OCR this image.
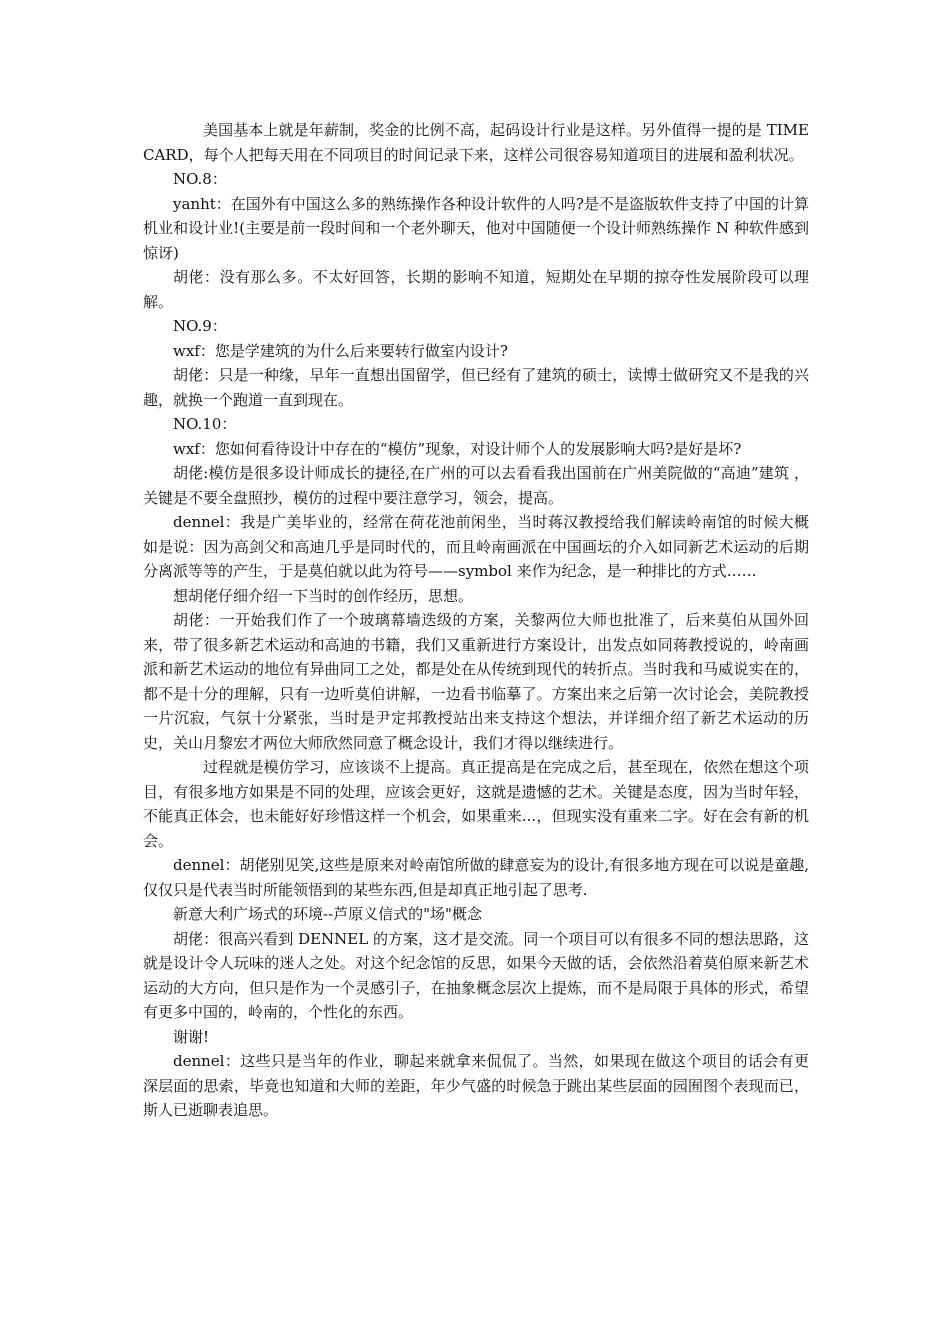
美国基本上就是年薪制，奖金的比例不高，起码设计行业是这样。另外值得一提的是 TIME CARD，每个人把每天用在不同项目的时间记录下来，这样公司很容易知道项目的进展和盈利状况。

NO.8：

yanht：在国外有中国这么多的熟练操作各种设计软件的人吗?是不是盗版软件支持了中国的计算机业和设计业!(主要是前一段时间和一个老外聊天，他对中国随便一个设计师熟练操作 N 种软件感到惊讶)

胡佬：没有那么多。不太好回答，长期的影响不知道，短期处在早期的掠夺性发展阶段可以理解。

NO.9：

wxf：您是学建筑的为什么后来要转行做室内设计?

胡佬：只是一种缘，早年一直想出国留学，但已经有了建筑的硕士，读博士做研究又不是我的兴趣，就换一个跑道一直到现在。

NO.10：

wxf：您如何看待设计中存在的“模仿”现象，对设计师个人的发展影响大吗?是好是坏?

胡佬:模仿是很多设计师成长的捷径,在广州的可以去看看我出国前在广州美院做的“高迪”建筑 ，关键是不要全盘照抄，模仿的过程中要注意学习，领会，提高。

dennel：我是广美毕业的，经常在荷花池前闲坐，当时蒋汉教授给我们解读岭南馆的时候大概如是说：因为高剑父和高迪几乎是同时代的，而且岭南画派在中国画坛的介入如同新艺术运动的后期分离派等等的产生，于是莫伯就以此为符号——symbol 来作为纪念，是一种排比的方式……

想胡佬仔细介绍一下当时的创作经历，思想。

胡佬：一开始我们作了一个玻璃幕墙迭级的方案，关黎两位大师也批准了，后来莫伯从国外回来，带了很多新艺术运动和高迪的书籍，我们又重新进行方案设计，出发点如同蒋教授说的，岭南画派和新艺术运动的地位有异曲同工之处，都是处在从传统到现代的转折点。当时我和马威说实在的，都不是十分的理解，只有一边听莫伯讲解，一边看书临摹了。方案出来之后第一次讨论会，美院教授一片沉寂，气氛十分紧张，当时是尹定邦教授站出来支持这个想法，并详细介绍了新艺术运动的历史，关山月黎宏才两位大师欣然同意了概念设计，我们才得以继续进行。

过程就是模仿学习，应该谈不上提高。真正提高是在完成之后，甚至现在，依然在想这个项目，有很多地方如果是不同的处理，应该会更好，这就是遗憾的艺术。关键是态度，因为当时年轻，不能真正体会，也未能好好珍惜这样一个机会，如果重来...，但现实没有重来二字。好在会有新的机会。

dennel：胡佬别见笑,这些是原来对岭南馆所做的肆意妄为的设计,有很多地方现在可以说是童趣,仅仅只是代表当时所能领悟到的某些东西,但是却真正地引起了思考.

新意大利广场式的环境--芦原义信式的"场"概念

胡佬：很高兴看到 DENNEL 的方案，这才是交流。同一个项目可以有很多不同的想法思路，这就是设计令人玩味的迷人之处。对这个纪念馆的反思，如果今天做的话，会依然沿着莫伯原来新艺术运动的大方向，但只是作为一个灵感引子，在抽象概念层次上提炼，而不是局限于具体的形式，希望有更多中国的，岭南的，个性化的东西。

谢谢!

dennel：这些只是当年的作业，聊起来就拿来侃侃了。当然，如果现在做这个项目的话会有更深层面的思索，毕竟也知道和大师的差距，年少气盛的时候急于跳出某些层面的园囿图个表现而已，斯人已逝聊表追思。
